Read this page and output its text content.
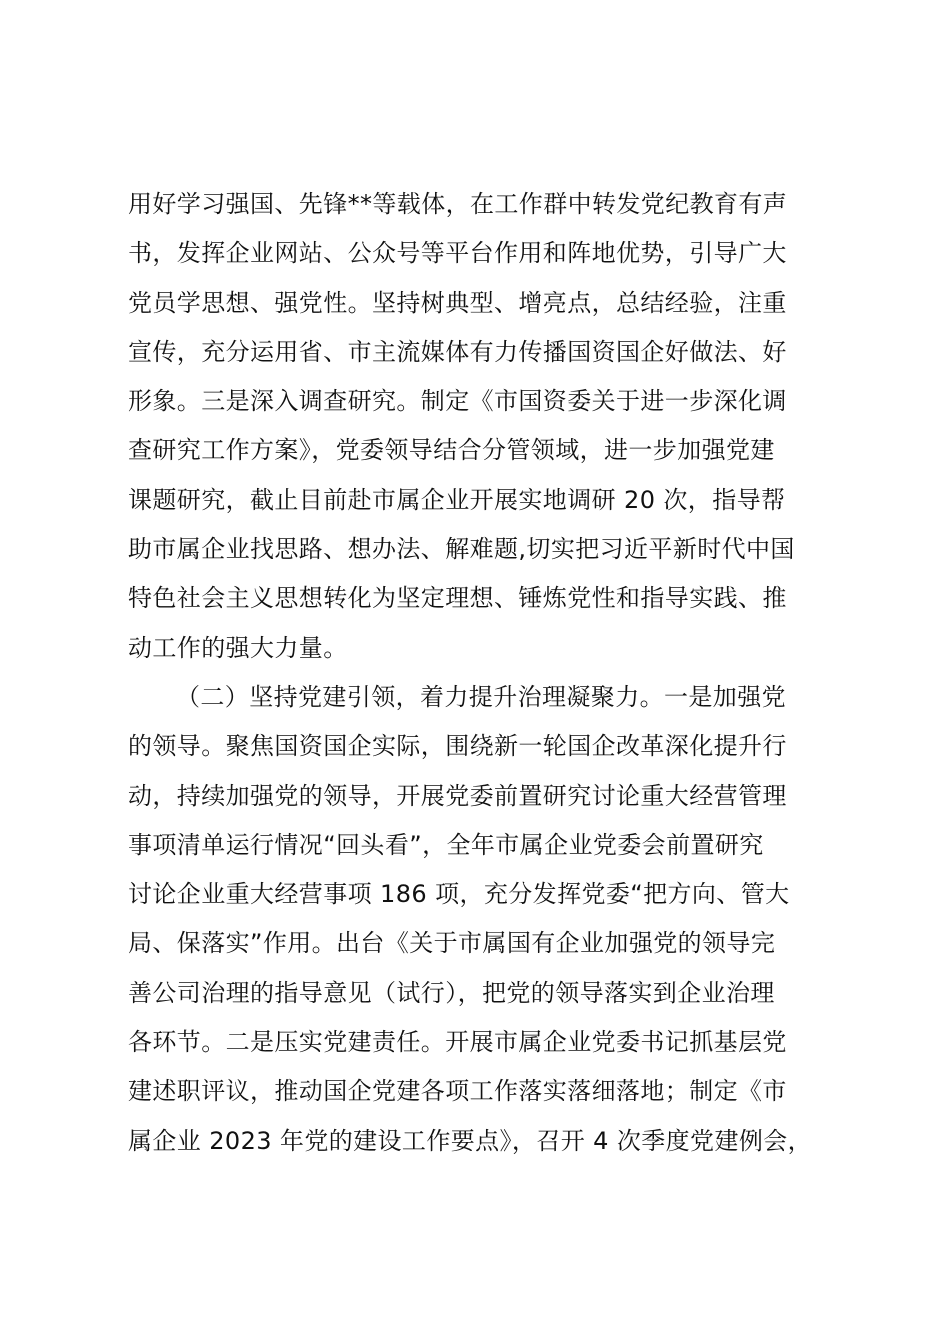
用好学习强国、先锋**等载体，在工作群中转发党纪教育有声
书，发挥企业网站、公众号等平台作用和阵地优势，引导广大
党员学思想、强党性。坚持树典型、增亮点，总结经验，注重
宣传，充分运用省、市主流媒体有力传播国资国企好做法、好
形象。三是深入调查研究。制定《市国资委关于进一步深化调
查研究工作方案》，党委领导结合分管领域，进一步加强党建
课题研究，截止目前赴市属企业开展实地调研 20 次，指导帮
助市属企业找思路、想办法、解难题,切实把习近平新时代中国
特色社会主义思想转化为坚定理想、锤炼党性和指导实践、推
动工作的强大力量。
（二）坚持党建引领，着力提升治理凝聚力。一是加强党
的领导。聚焦国资国企实际，围绕新一轮国企改革深化提升行
动，持续加强党的领导，开展党委前置研究讨论重大经营管理
事项清单运行情况“回头看”，全年市属企业党委会前置研究
讨论企业重大经营事项 186 项，充分发挥党委“把方向、管大
局、保落实”作用。出台《关于市属国有企业加强党的领导完
善公司治理的指导意见（试行），把党的领导落实到企业治理
各环节。二是压实党建责任。开展市属企业党委书记抓基层党
建述职评议，推动国企党建各项工作落实落细落地；制定《市
属企业 2023 年党的建设工作要点》，召开 4 次季度党建例会，
